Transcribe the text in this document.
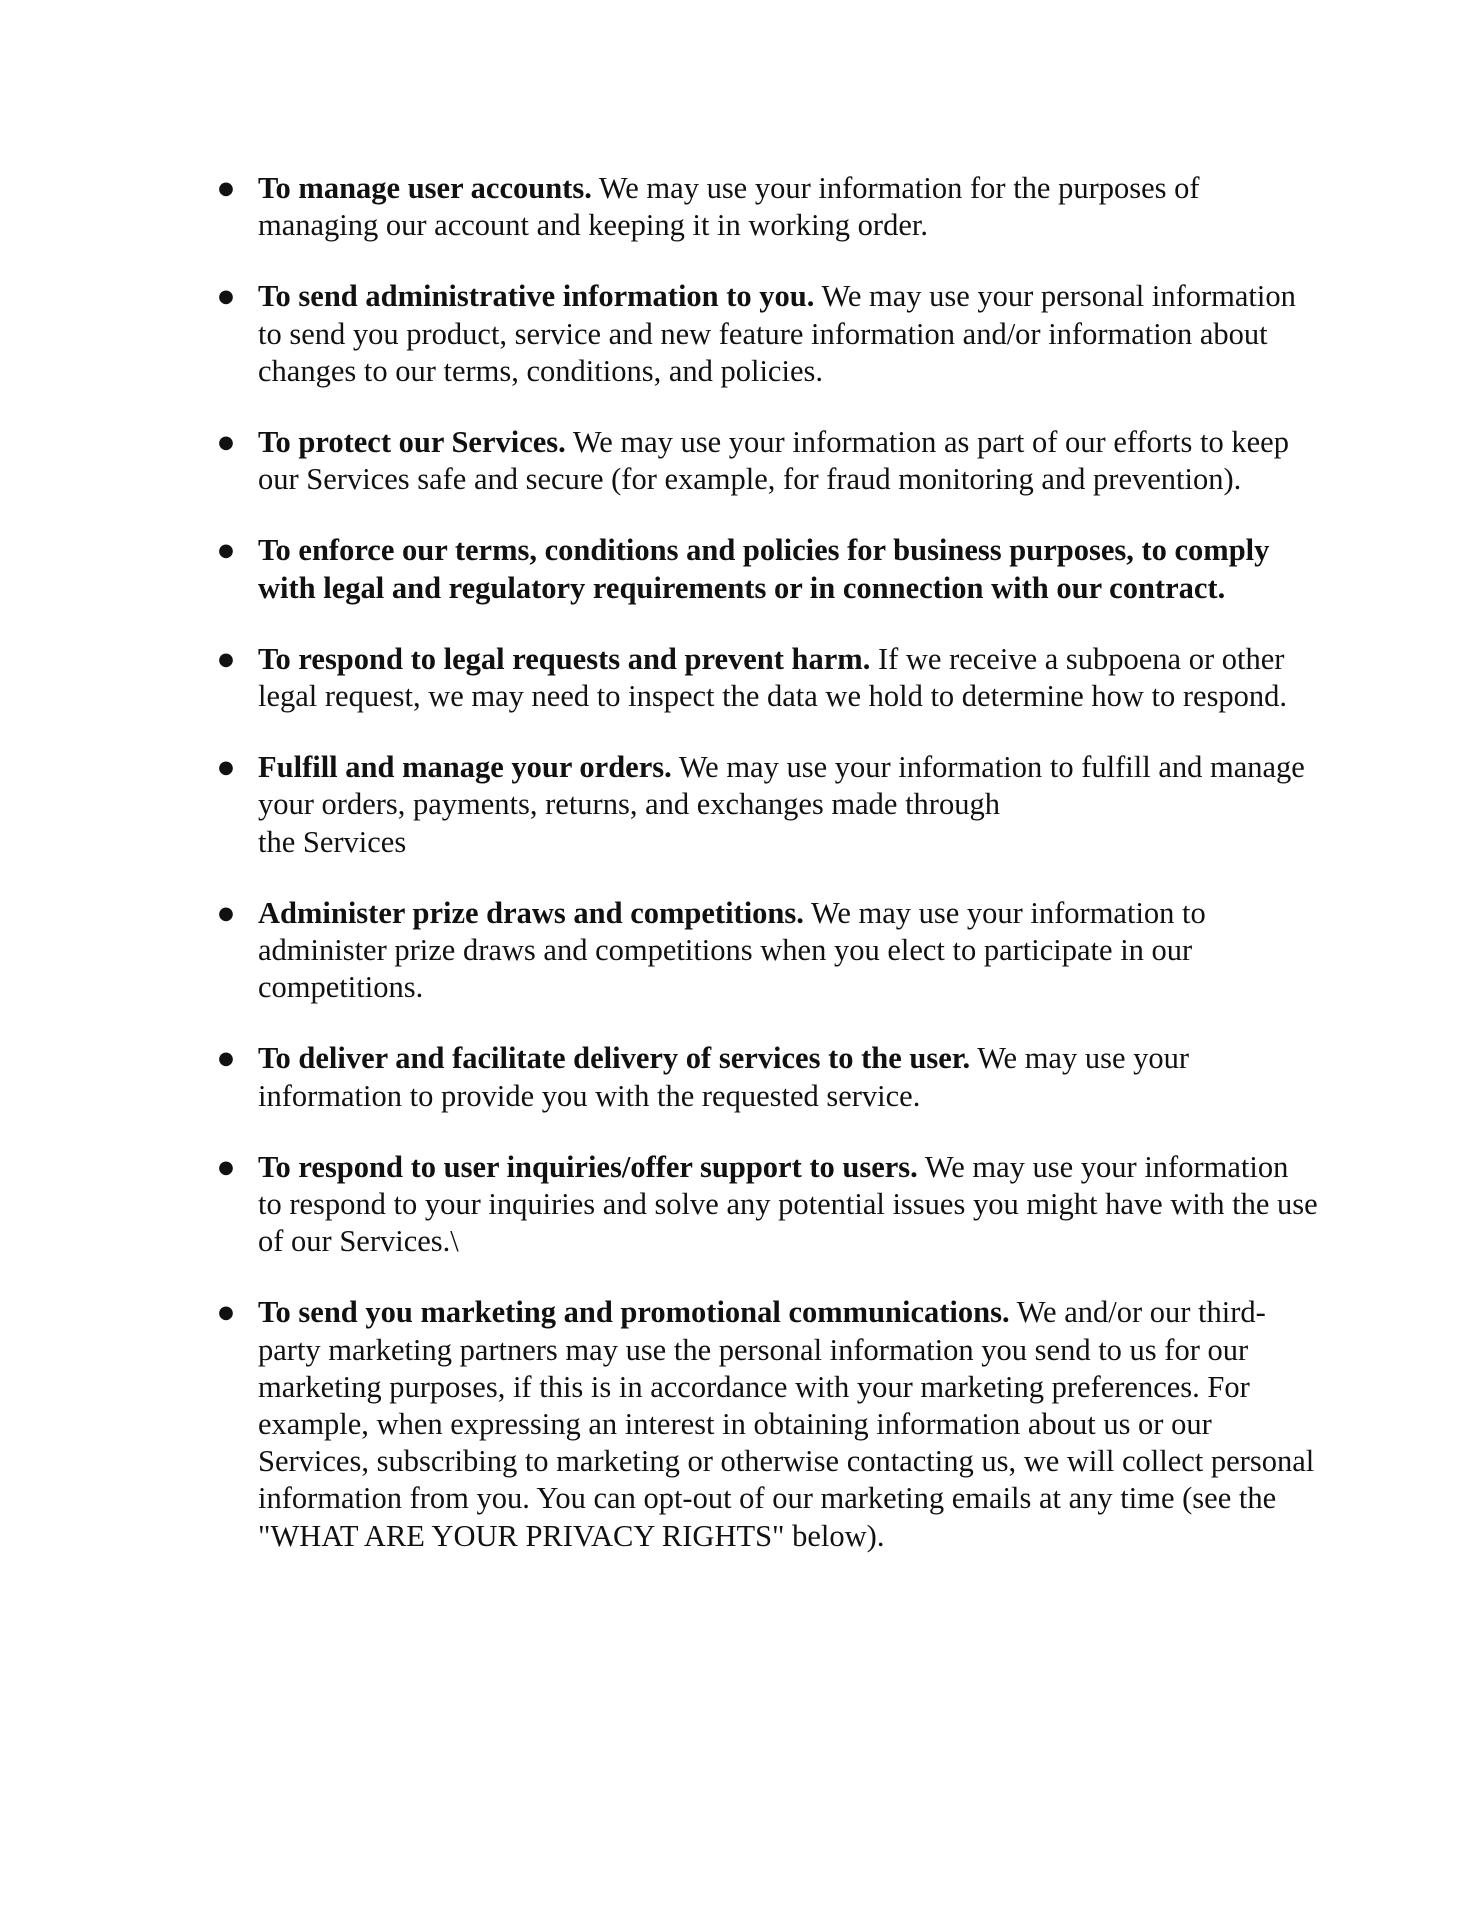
● To manage user accounts. We may use your information for the purposes of managing our account and keeping it in working order.
● To send administrative information to you. We may use your personal information to send you product, service and new feature information and/or information about changes to our terms, conditions, and policies.
● To protect our Services. We may use your information as part of our efforts to keep our Services safe and secure (for example, for fraud monitoring and prevention).
● To enforce our terms, conditions and policies for business purposes, to comply with legal and regulatory requirements or in connection with our contract.
● To respond to legal requests and prevent harm. If we receive a subpoena or other legal request, we may need to inspect the data we hold to determine how to respond.
● Fulfill and manage your orders. We may use your information to fulfill and manage your orders, payments, returns, and exchanges made through
the Services
● Administer prize draws and competitions. We may use your information to administer prize draws and competitions when you elect to participate in our competitions.
● To deliver and facilitate delivery of services to the user. We may use your information to provide you with the requested service.
● To respond to user inquiries/offer support to users. We may use your information to respond to your inquiries and solve any potential issues you might have with the use of our Services.\
● To send you marketing and promotional communications. We and/or our third-party marketing partners may use the personal information you send to us for our marketing purposes, if this is in accordance with your marketing preferences. For example, when expressing an interest in obtaining information about us or our Services, subscribing to marketing or otherwise contacting us, we will collect personal information from you. You can opt-out of our marketing emails at any time (see the "WHAT ARE YOUR PRIVACY RIGHTS" below).
